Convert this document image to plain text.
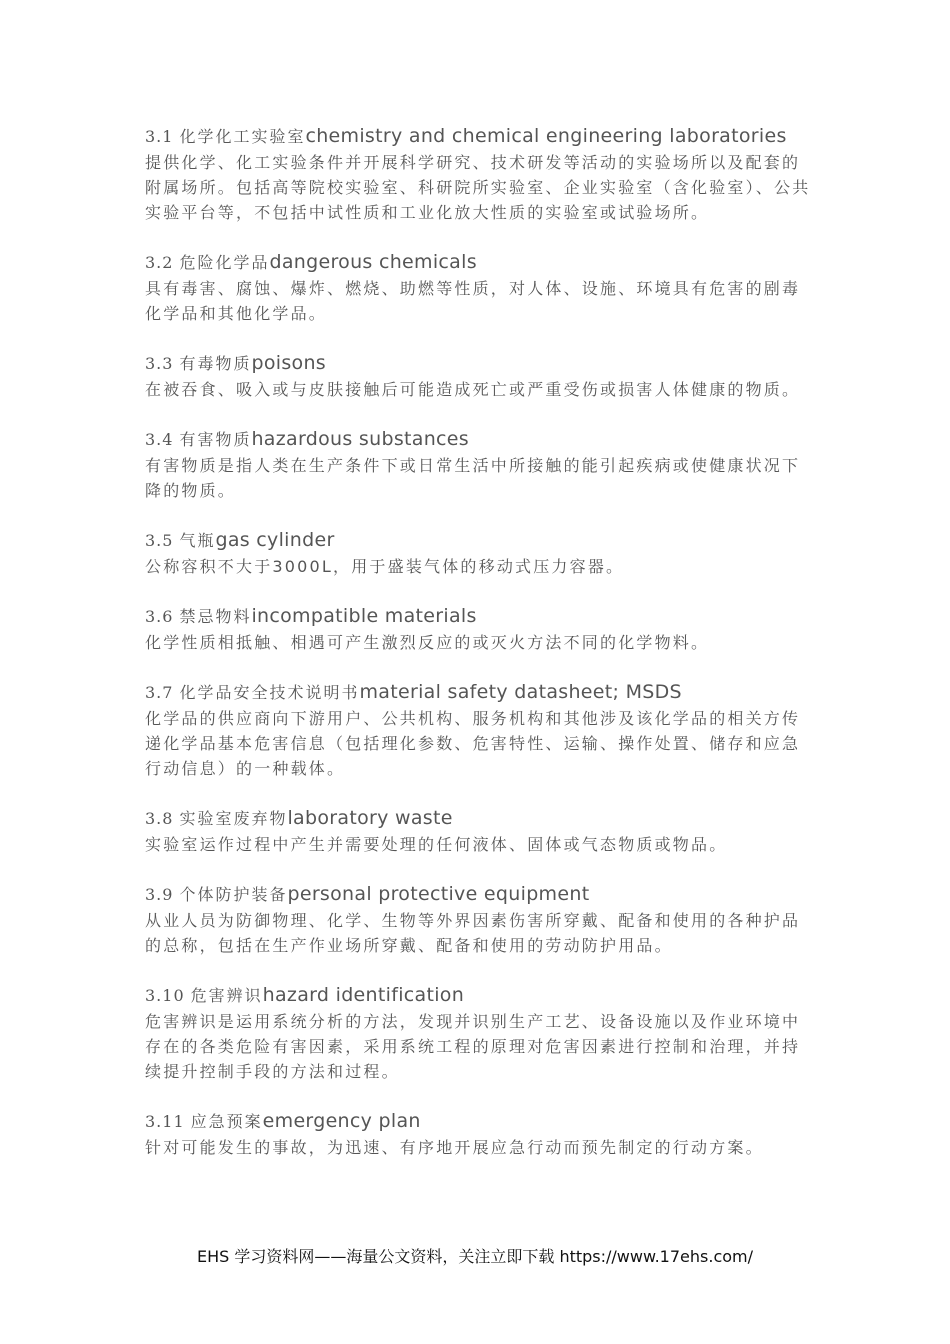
3.1 化学化工实验室chemistry and chemical engineering laboratories
提供化学、化工实验条件并开展科学研究、技术研发等活动的实验场所以及配套的附属场所。包括高等院校实验室、科研院所实验室、企业实验室（含化验室）、公共实验平台等，不包括中试性质和工业化放大性质的实验室或试验场所。
3.2 危险化学品dangerous chemicals
具有毒害、腐蚀、爆炸、燃烧、助燃等性质，对人体、设施、环境具有危害的剧毒化学品和其他化学品。
3.3 有毒物质poisons
在被吞食、吸入或与皮肤接触后可能造成死亡或严重受伤或损害人体健康的物质。
3.4 有害物质hazardous substances
有害物质是指人类在生产条件下或日常生活中所接触的能引起疾病或使健康状况下降的物质。
3.5 气瓶gas cylinder
公称容积不大于3000L，用于盛装气体的移动式压力容器。
3.6 禁忌物料incompatible materials
化学性质相抵触、相遇可产生激烈反应的或灭火方法不同的化学物料。
3.7 化学品安全技术说明书material safety datasheet; MSDS
化学品的供应商向下游用户、公共机构、服务机构和其他涉及该化学品的相关方传递化学品基本危害信息（包括理化参数、危害特性、运输、操作处置、储存和应急行动信息）的一种载体。
3.8 实验室废弃物laboratory waste
实验室运作过程中产生并需要处理的任何液体、固体或气态物质或物品。
3.9 个体防护装备personal protective equipment
从业人员为防御物理、化学、生物等外界因素伤害所穿戴、配备和使用的各种护品的总称，包括在生产作业场所穿戴、配备和使用的劳动防护用品。
3.10 危害辨识hazard identification
危害辨识是运用系统分析的方法，发现并识别生产工艺、设备设施以及作业环境中存在的各类危险有害因素，采用系统工程的原理对危害因素进行控制和治理，并持续提升控制手段的方法和过程。
3.11 应急预案emergency plan
针对可能发生的事故，为迅速、有序地开展应急行动而预先制定的行动方案。
EHS 学习资料网——海量公文资料，关注立即下载 https://www.17ehs.com/
